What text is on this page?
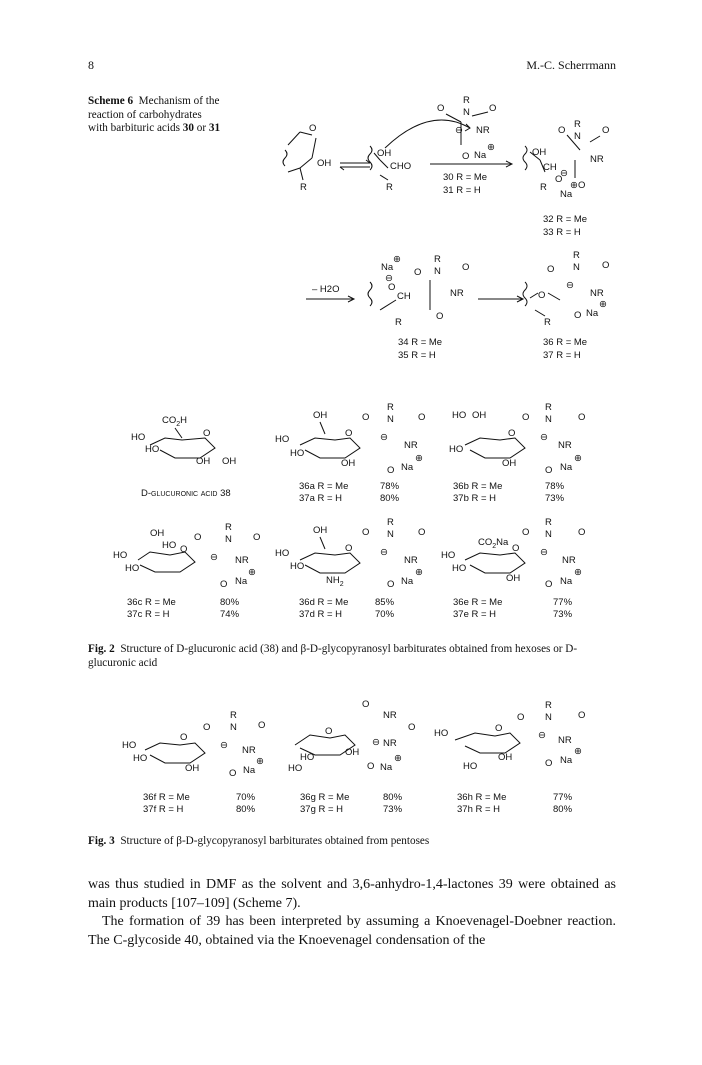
8	M.-C. Scherrmann
Scheme 6 Mechanism of the
reaction of carbohydrates
with barbituric acids 30 or 31	O
OH
R
OH
CHO
R
R
N
O	O
⊖ NR
O Na
⊕
30 R = Me
31 R = H
OH
CH
O
R
N
O
NR
O
O
⊖
R
Na
⊕
32 R = Me
33 R = H
– H2O
Na
⊕
O
⊖
CH
R
O
R
N O
NR
O
34 R = Me
35 R = H
O
R
O
R
N O
⊖
NR
O Na
⊕
36 R = Me
37 R = H
$CO_2H$
HO
HO
O
OH OH
D-glucuronic acid 38
OH
HO
HO
O
OH
O
R
N	O
⊖
NR
O Na
⊕
36a R = Me	78%
37a R = H	80%
HO OH
HO
O
OH
O
R
N	O
⊖
NR
O Na
⊕
36b R = Me	78%
37b R = H	73%
OH
HO
HO
HO
O
O
R
N O
⊖ NR
O Na
⊕
36c R = Me	80%
37c R = H	74%
OH
HO
HO
O
$NH_2$
O
R
N	O
⊖
NR
O Na
⊕
36d R = Me	85%
37d R = H	70%
$CO_2Na$
HO
HO
O
OH
O
R
N	O
⊖
NR
O Na
⊕
36e R = Me	77%
37e R = H	73%
HO
HO
O
OH
O
R
N O
⊖ NR
O Na
⊕
36f R = Me	70%
37f R = H	80%
O
HO
HO
OH
O
NR
O
⊖ NR
O Na
⊕
36g R = Me	80%
37g R = H	73%
HO	O
HO
OH
O
R
N	O
⊖ NR
O Na
⊕
36h R = Me	77%
37h R = H	80%
Fig. 2 Structure of D-glucuronic acid (38) and β-D-glycopyranosyl barbiturates obtained from hexoses or D-glucuronic acid
Fig. 3 Structure of β-D-glycopyranosyl barbiturates obtained from pentoses
was thus studied in DMF as the solvent and 3,6-anhydro-1,4-lactones 39 were obtained as main products [107–109] (Scheme 7).
The formation of 39 has been interpreted by assuming a Knoevenagel-Doebner reaction. The C-glycoside 40, obtained via the Knoevenagel condensation of the
